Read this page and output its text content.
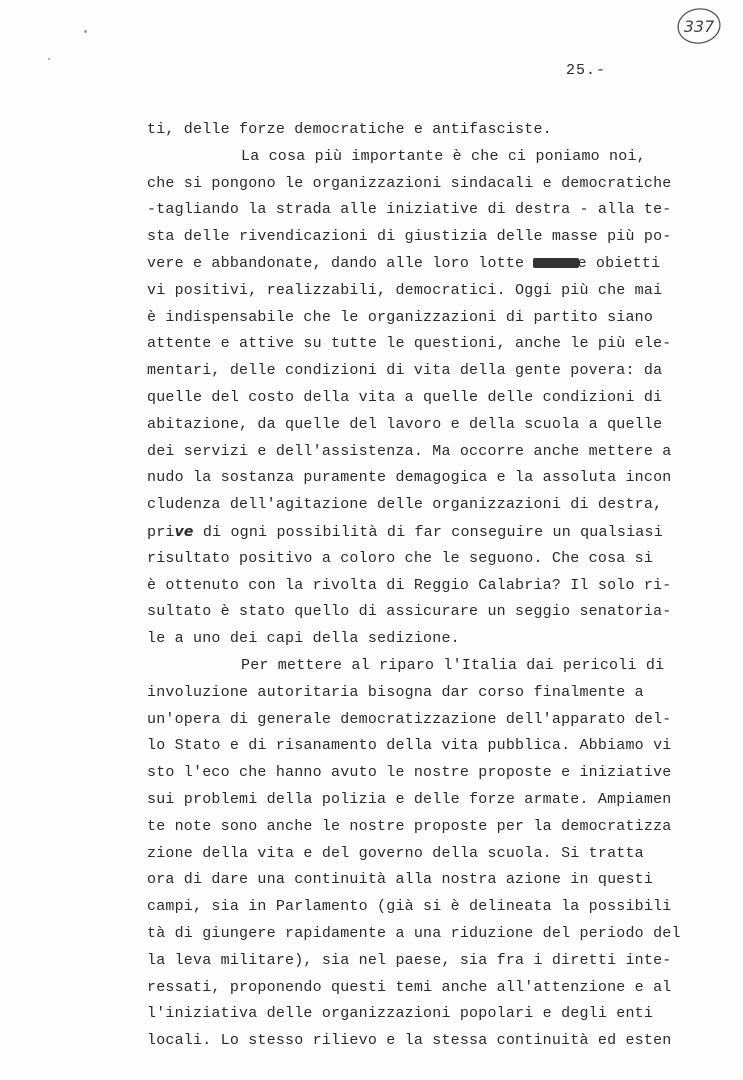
337
25.-
ti, delle forze democratiche e antifasciste.
La cosa più importante è che ci poniamo noi,
che si pongono le organizzazioni sindacali e democratiche
-tagliando la strada alle iniziative di destra - alla te-
sta delle rivendicazioni di giustizia delle masse più po-
vere e abbandonate, dando alle loro lotte	e obietti
vi positivi, realizzabili, democratici. Oggi più che mai
è indispensabile che le organizzazioni di partito siano
attente e attive su tutte le questioni, anche le più ele-
mentari, delle condizioni di vita della gente povera: da
quelle del costo della vita a quelle delle condizioni di
abitazione, da quelle del lavoro e della scuola a quelle
dei servizi e dell'assistenza. Ma occorre anche mettere a
nudo la sostanza puramente demagogica e la assoluta incon
cludenza dell'agitazione delle organizzazioni di destra,
prive di ogni possibilità di far conseguire un qualsiasi
risultato positivo a coloro che le seguono. Che cosa si
è ottenuto con la rivolta di Reggio Calabria? Il solo ri-
sultato è stato quello di assicurare un seggio senatoria-
le a uno dei capi della sedizione.
Per mettere al riparo l'Italia dai pericoli di
involuzione autoritaria bisogna dar corso finalmente a
un'opera di generale democratizzazione dell'apparato del-
lo Stato e di risanamento della vita pubblica. Abbiamo vi
sto l'eco che hanno avuto le nostre proposte e iniziative
sui problemi della polizia e delle forze armate. Ampiamen
te note sono anche le nostre proposte per la democratizza
zione della vita e del governo della scuola. Si tratta
ora di dare una continuità alla nostra azione in questi
campi, sia in Parlamento (già si è delineata la possibili
tà di giungere rapidamente a una riduzione del periodo del
la leva militare), sia nel paese, sia fra i diretti inte-
ressati, proponendo questi temi anche all'attenzione e al
l'iniziativa delle organizzazioni popolari e degli enti
locali. Lo stesso rilievo e la stessa continuità ed esten
